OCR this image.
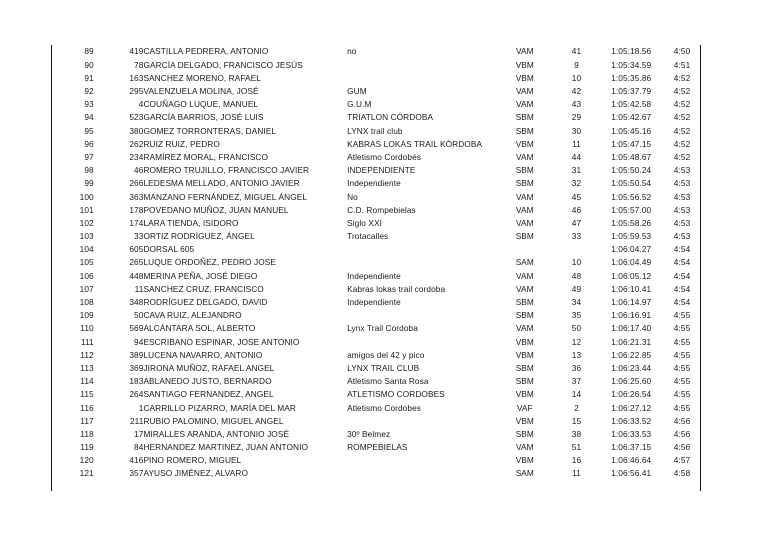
89	419	CASTILLA PEDRERA, ANTONIO	no	VAM	41	1:05:18.56	4:50
90	78	GARCÍA DELGADO, FRANCISCO JESÚS		VBM	9	1:05:34.59	4:51
91	163	SANCHEZ MORENO, RAFAEL		VBM	10	1:05:35.86	4:52
92	295	VALENZUELA MOLINA, JOSÉ	GUM	VAM	42	1:05:37.79	4:52
93	4	COUÑAGO LUQUE, MANUEL	G.U.M	VAM	43	1:05:42.58	4:52
94	523	GARCÍA BARRIOS, JOSÉ LUIS	TRIATLON CÓRDOBA	SBM	29	1:05:42.67	4:52
95	380	GOMEZ TORRONTERAS, DANIEL	LYNX trail club	SBM	30	1:05:45.16	4:52
96	262	RUIZ RUIZ, PEDRO	KABRAS LOKAS TRAIL KÓRDOBA	VBM	11	1:05:47.15	4:52
97	234	RAMÍREZ MORAL, FRANCISCO	Atletismo Cordobés	VAM	44	1:05:48.67	4:52
98	46	ROMERO TRUJILLO, FRANCISCO JAVIER	INDEPENDIENTE	SBM	31	1:05:50.24	4:53
99	266	LEDESMA MELLADO, ANTONIO JAVIER	Independiente	SBM	32	1:05:50.54	4:53
100	363	MANZANO FERNÁNDEZ, MIGUEL ÁNGEL	No	VAM	45	1:05:56.52	4:53
101	178	POVEDANO MUÑOZ, JUAN MANUEL	C.D. Rompebielas	VAM	46	1:05:57.00	4:53
102	174	LARA TIENDA, ISIDORO	Siglo XXI	VAM	47	1:05:58.26	4:53
103	33	ORTIZ RODRÍGUEZ, ÁNGEL	Trotacalles	SBM	33	1:05:59.53	4:53
104	605	DORSAL 605				1:06:04.27	4:54
105	265	LUQUE ORDOÑEZ, PEDRO JOSE		SAM	10	1:06:04.49	4:54
106	448	MERINA PEÑA, JOSÉ DIEGO	Independiente	VAM	48	1:06:05.12	4:54
107	11	SANCHEZ CRUZ, FRANCISCO	Kabras lokas trail cordoba	VAM	49	1:06:10.41	4:54
108	348	RODRÍGUEZ DELGADO, DAVID	Independiente	SBM	34	1:06:14.97	4:54
109	50	CAVA RUIZ, ALEJANDRO		SBM	35	1:06:16.91	4:55
110	569	ALCÁNTARA SOL, ALBERTO	Lynx Trail Cordoba	VAM	50	1:06:17.40	4:55
111	94	ESCRIBANO ESPINAR, JOSE ANTONIO		VBM	12	1:06:21.31	4:55
112	389	LUCENA NAVARRO, ANTONIO	amigos del 42 y pico	VBM	13	1:06:22.85	4:55
113	369	JIRONA MUÑOZ, RAFAEL ANGEL	LYNX TRAIL CLUB	SBM	36	1:06:23.44	4:55
114	183	ABLANEDO JUSTO, BERNARDO	Atletismo Santa Rosa	SBM	37	1:06:25.60	4:55
115	264	SANTIAGO FERNANDEZ, ANGEL	ATLETISMO CORDOBES	VBM	14	1:06:26.54	4:55
116	1	CARRILLO PIZARRO, MARÍA DEL MAR	Atletismo Cordobes	VAF	2	1:06:27.12	4:55
117	211	RUBIO PALOMINO, MIGUEL ANGEL		VBM	15	1:06:33.52	4:56
118	17	MIRALLES ARANDA, ANTONIO JOSÉ	30º Belmez	SBM	38	1:06:33.53	4:56
119	84	HERNANDEZ MARTINEZ, JUAN ANTONIO	ROMPEBIELAS	VAM	51	1:06:37.15	4:56
120	416	PINO ROMERO, MIGUEL		VBM	16	1:06:46.64	4:57
121	357	AYUSO JIMÉNEZ, ALVARO		SAM	11	1:06:56.41	4:58
